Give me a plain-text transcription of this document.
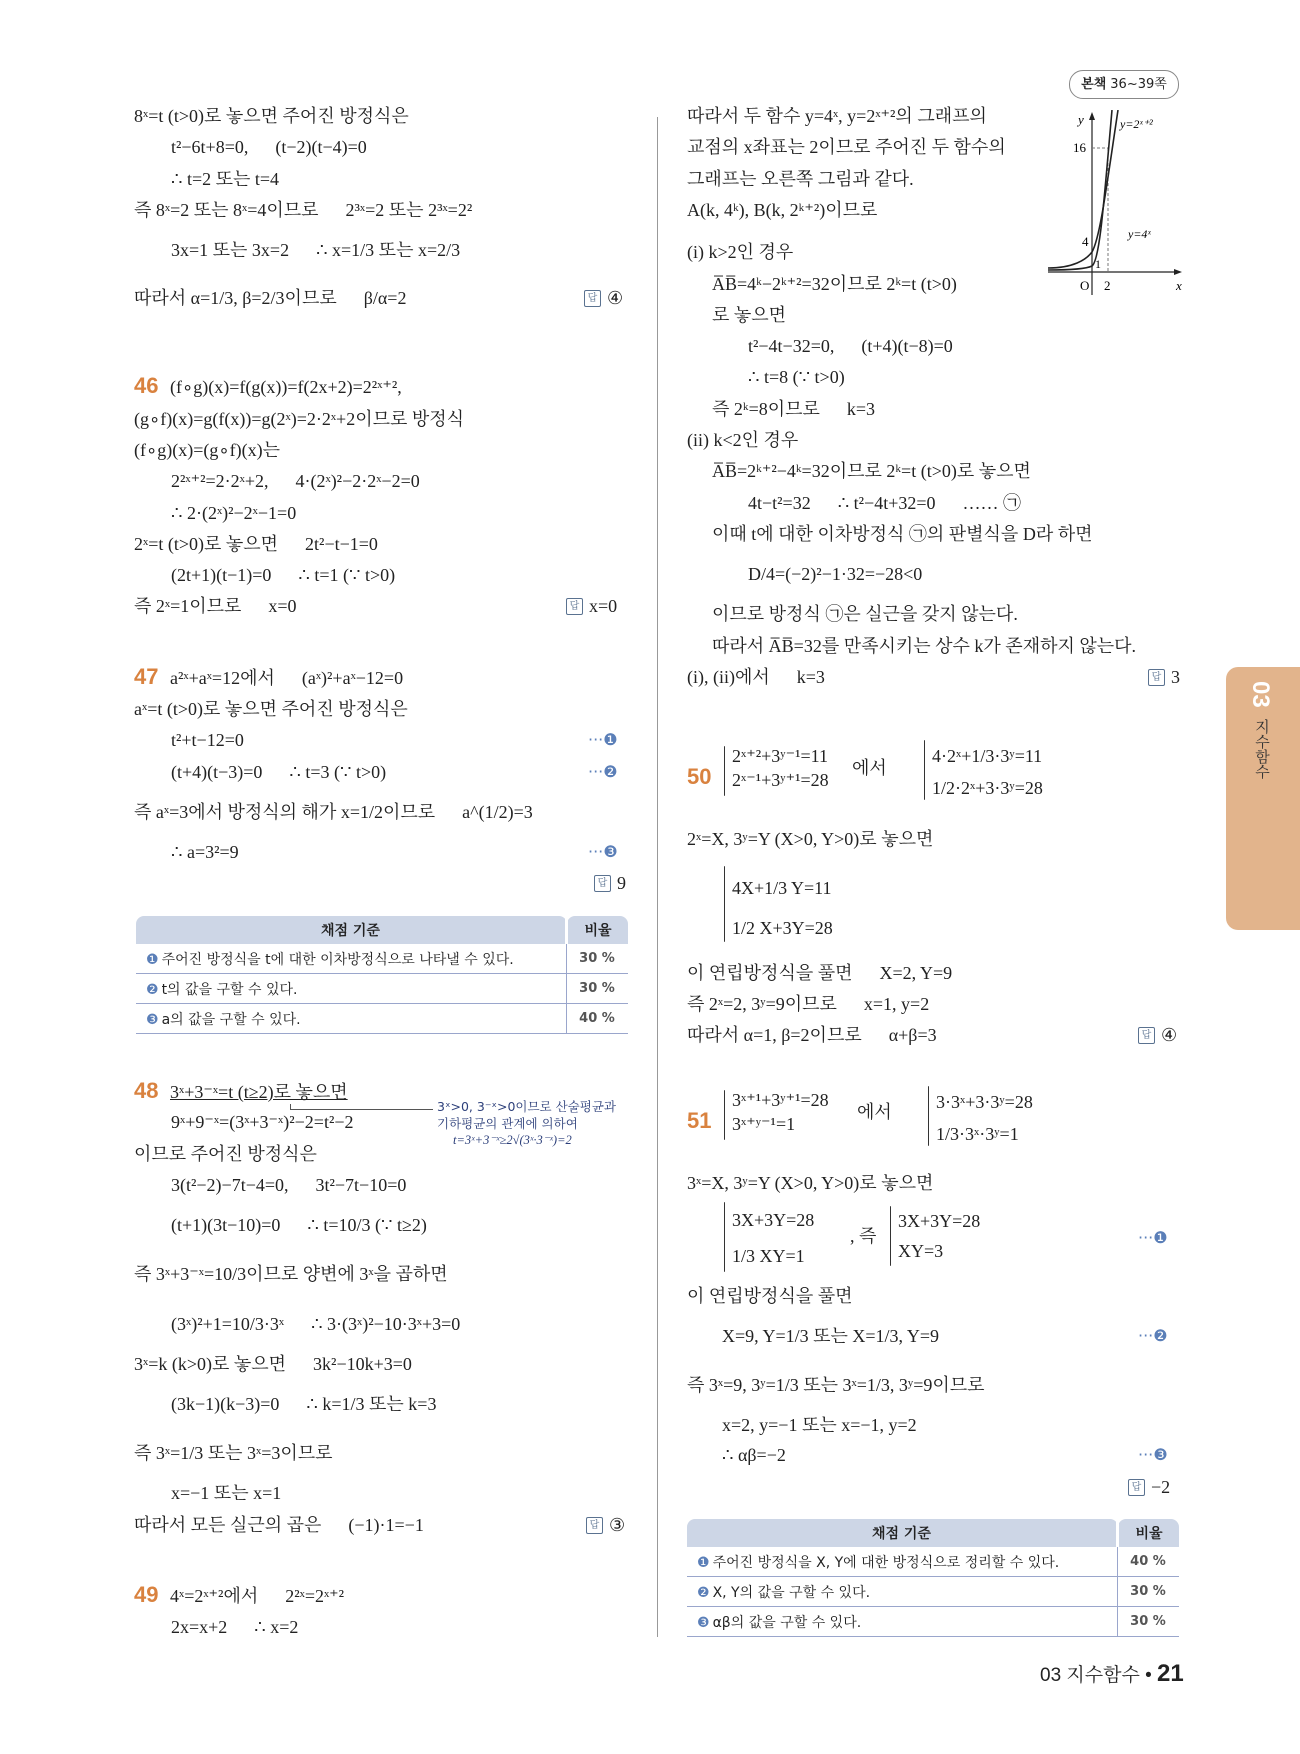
본책 36~39쪽
03
지수함수
8ˣ=t (t>0)로 놓으면 주어진 방정식은
t²−6t+8=0,      (t−2)(t−4)=0
∴ t=2 또는 t=4
즉 8ˣ=2 또는 8ˣ=4이므로      2³ˣ=2 또는 2³ˣ=2²
3x=1 또는 3x=2      ∴ x=1/3 또는 x=2/3
따라서 α=1/3, β=2/3이므로      β/α=2	답 ④
46 (f∘g)(x)=f(g(x))=f(2x+2)=2²ˣ⁺²,
(g∘f)(x)=g(f(x))=g(2ˣ)=2·2ˣ+2이므로 방정식
(f∘g)(x)=(g∘f)(x)는
2²ˣ⁺²=2·2ˣ+2,      4·(2ˣ)²−2·2ˣ−2=0
∴ 2·(2ˣ)²−2ˣ−1=0
2ˣ=t (t>0)로 놓으면      2t²−t−1=0
(2t+1)(t−1)=0      ∴ t=1 (∵ t>0)
즉 2ˣ=1이므로      x=0	답 x=0
47 a²ˣ+aˣ=12에서      (aˣ)²+aˣ−12=0
aˣ=t (t>0)로 놓으면 주어진 방정식은
t²+t−12=0	···❶
(t+4)(t−3)=0      ∴ t=3 (∵ t>0)	···❷
즉 aˣ=3에서 방정식의 해가 x=1/2이므로      a^(1/2)=3
∴ a=3²=9	···❸
답 9
채점 기준	비율
❶ 주어진 방정식을 t에 대한 이차방정식으로 나타낼 수 있다.	30 %
❷ t의 값을 구할 수 있다.	30 %
❸ a의 값을 구할 수 있다.	40 %
48 3ˣ+3⁻ˣ=t (t≥2)로 놓으면
9ˣ+9⁻ˣ=(3ˣ+3⁻ˣ)²−2=t²−2
3ˣ>0, 3⁻ˣ>0이므로 산술평균과
기하평균의 관계에 의하여
t=3ˣ+3⁻ˣ≥2√(3ˣ·3⁻ˣ)=2
이므로 주어진 방정식은
3(t²−2)−7t−4=0,      3t²−7t−10=0
(t+1)(3t−10)=0      ∴ t=10/3 (∵ t≥2)
즉 3ˣ+3⁻ˣ=10/3이므로 양변에 3ˣ을 곱하면
(3ˣ)²+1=10/3·3ˣ      ∴ 3·(3ˣ)²−10·3ˣ+3=0
3ˣ=k (k>0)로 놓으면      3k²−10k+3=0
(3k−1)(k−3)=0      ∴ k=1/3 또는 k=3
즉 3ˣ=1/3 또는 3ˣ=3이므로
x=−1 또는 x=1
따라서 모든 실근의 곱은      (−1)·1=−1	답 ③
49 4ˣ=2ˣ⁺²에서      2²ˣ=2ˣ⁺²
2x=x+2      ∴ x=2
따라서 두 함수 y=4ˣ, y=2ˣ⁺²의 그래프의
교점의 x좌표는 2이므로 주어진 두 함수의
그래프는 오른쪽 그림과 같다.
A(k, 4ᵏ), B(k, 2ᵏ⁺²)이므로
(i) k>2인 경우
A̅B̅=4ᵏ−2ᵏ⁺²=32이므로 2ᵏ=t (t>0)
로 놓으면
t²−4t−32=0,      (t+4)(t−8)=0
∴ t=8 (∵ t>0)
즉 2ᵏ=8이므로      k=3
(ii) k<2인 경우
A̅B̅=2ᵏ⁺²−4ᵏ=32이므로 2ᵏ=t (t>0)로 놓으면
4t−t²=32      ∴ t²−4t+32=0      …… ㉠
이때 t에 대한 이차방정식 ㉠의 판별식을 D라 하면
D/4=(−2)²−1·32=−28<0
이므로 방정식 ㉠은 실근을 갖지 않는다.
따라서 A̅B̅=32를 만족시키는 상수 k가 존재하지 않는다.
(i), (ii)에서      k=3	답 3
y
x
O 2
16
4
1
y=2ˣ⁺²
y=4ˣ
50
2ˣ⁺²+3ʸ⁻¹=11
2ˣ⁻¹+3ʸ⁺¹=28
에서
4·2ˣ+1/3·3ʸ=11
1/2·2ˣ+3·3ʸ=28
2ˣ=X, 3ʸ=Y (X>0, Y>0)로 놓으면
4X+1/3 Y=11
1/2 X+3Y=28
이 연립방정식을 풀면      X=2, Y=9
즉 2ˣ=2, 3ʸ=9이므로      x=1, y=2
따라서 α=1, β=2이므로      α+β=3	답 ④
51
3ˣ⁺¹+3ʸ⁺¹=28
3ˣ⁺ʸ⁻¹=1
에서 3·3ˣ+3·3ʸ=28
1/3·3ˣ·3ʸ=1
3ˣ=X, 3ʸ=Y (X>0, Y>0)로 놓으면
3X+3Y=28
1/3 XY=1
, 즉
3X+3Y=28
XY=3
···❶
이 연립방정식을 풀면
X=9, Y=1/3 또는 X=1/3, Y=9	···❷
즉 3ˣ=9, 3ʸ=1/3 또는 3ˣ=1/3, 3ʸ=9이므로
x=2, y=−1 또는 x=−1, y=2
∴ αβ=−2	···❸
답 −2
채점 기준	비율
❶ 주어진 방정식을 X, Y에 대한 방정식으로 정리할 수 있다.	40 %
❷ X, Y의 값을 구할 수 있다.	30 %
❸ αβ의 값을 구할 수 있다.	30 %
03 지수함수 • 21
